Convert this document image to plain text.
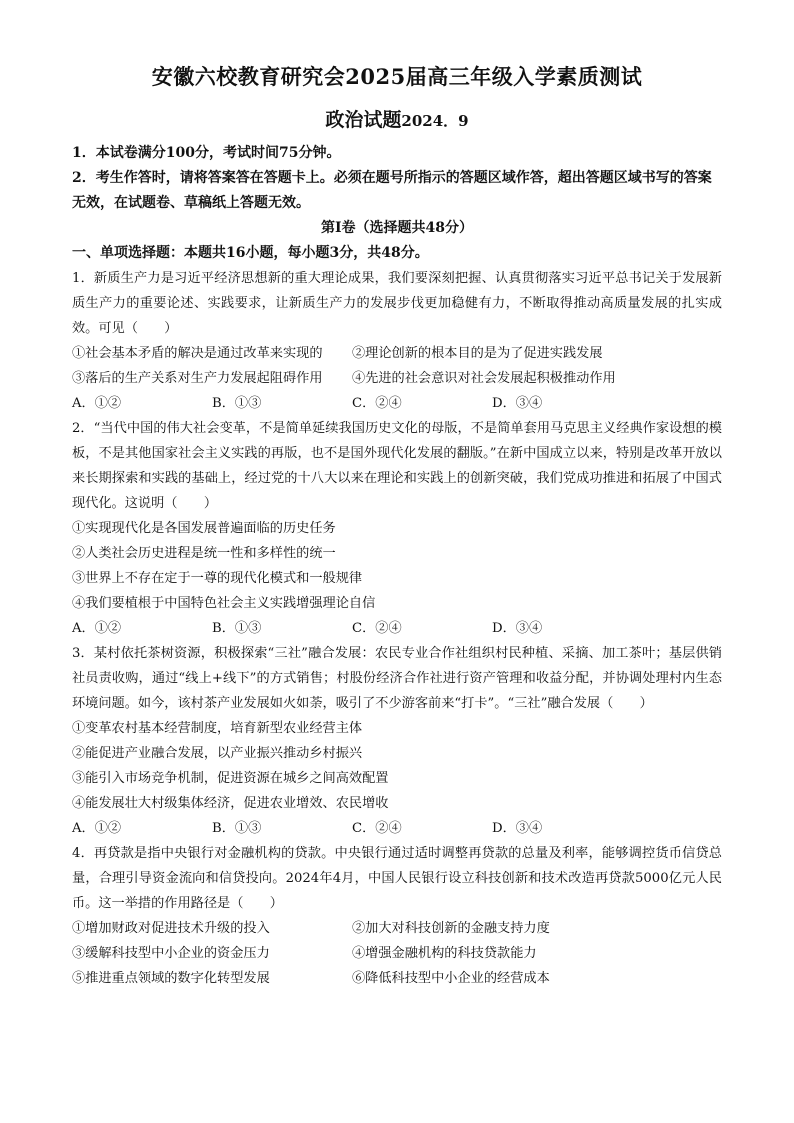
安徽六校教育研究会2025届高三年级入学素质测试
政治试题2024．9

1．本试卷满分100分，考试时间75分钟。

2．考生作答时，请将答案答在答题卡上。必须在题号所指示的答题区域作答，超出答题区域书写的答案无效，在试题卷、草稿纸上答题无效。

第Ⅰ卷（选择题共48分）

一、单项选择题：本题共16小题，每小题3分，共48分。

1．新质生产力是习近平经济思想新的重大理论成果，我们要深刻把握、认真贯彻落实习近平总书记关于发展新质生产力的重要论述、实践要求，让新质生产力的发展步伐更加稳健有力，不断取得推动高质量发展的扎实成效。可见（　　）

①社会基本矛盾的解决是通过改革来实现的	②理论创新的根本目的是为了促进实践发展
③落后的生产关系对生产力发展起阻碍作用	④先进的社会意识对社会发展起积极推动作用
A．①②	B．①③	C．②④	D．③④

2．“当代中国的伟大社会变革，不是简单延续我国历史文化的母版，不是简单套用马克思主义经典作家设想的模板，不是其他国家社会主义实践的再版，也不是国外现代化发展的翻版。”在新中国成立以来，特别是改革开放以来长期探索和实践的基础上，经过党的十八大以来在理论和实践上的创新突破，我们党成功推进和拓展了中国式现代化。这说明（　　）

①实现现代化是各国发展普遍面临的历史任务

②人类社会历史进程是统一性和多样性的统一

③世界上不存在定于一尊的现代化模式和一般规律

④我们要植根于中国特色社会主义实践增强理论自信

A．①②	B．①③	C．②④	D．③④

3．某村依托茶树资源，积极探索“三社”融合发展：农民专业合作社组织村民种植、采摘、加工茶叶；基层供销社员责收购，通过“线上+线下”的方式销售；村股份经济合作社进行资产管理和收益分配，并协调处理村内生态环境问题。如今，该村茶产业发展如火如荼，吸引了不少游客前来“打卡”。“三社”融合发展（　　）

①变革农村基本经营制度，培育新型农业经营主体

②能促进产业融合发展，以产业振兴推动乡村振兴

③能引入市场竞争机制，促进资源在城乡之间高效配置

④能发展壮大村级集体经济，促进农业增效、农民增收

A．①②	B．①③	C．②④	D．③④

4．再贷款是指中央银行对金融机构的贷款。中央银行通过适时调整再贷款的总量及利率，能够调控货币信贷总量，合理引导资金流向和信贷投向。2024年4月，中国人民银行设立科技创新和技术改造再贷款5000亿元人民币。这一举措的作用路径是（　　）

①增加财政对促进技术升级的投入	②加大对科技创新的金融支持力度
③缓解科技型中小企业的资金压力	④增强金融机构的科技贷款能力
⑤推进重点领域的数字化转型发展	⑥降低科技型中小企业的经营成本
